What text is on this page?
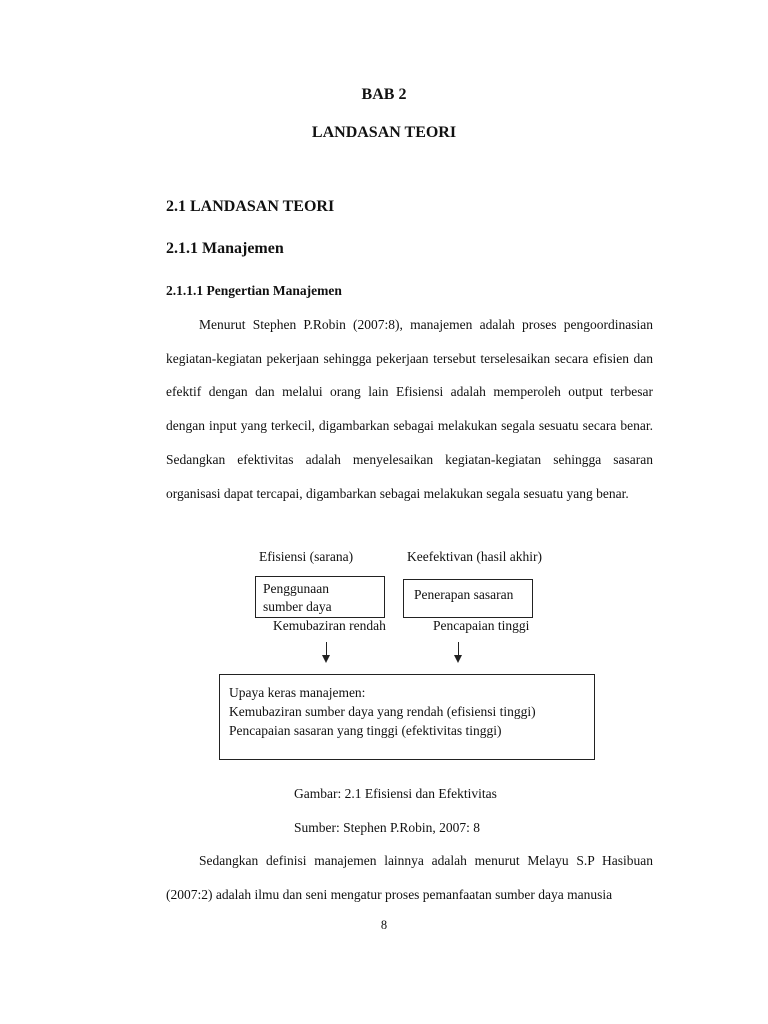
BAB 2
LANDASAN TEORI
2.1 LANDASAN TEORI
2.1.1 Manajemen
2.1.1.1 Pengertian Manajemen

Menurut Stephen P.Robin (2007:8), manajemen adalah proses pengoordinasian kegiatan-kegiatan pekerjaan sehingga pekerjaan tersebut terselesaikan secara efisien dan efektif dengan dan melalui orang lain Efisiensi adalah memperoleh output terbesar dengan input yang terkecil, digambarkan sebagai melakukan segala sesuatu secara benar. Sedangkan efektivitas adalah menyelesaikan kegiatan-kegiatan sehingga sasaran organisasi dapat tercapai, digambarkan sebagai melakukan segala sesuatu yang benar.

Efisiensi (sarana)	Keefektivan (hasil akhir)
Penggunaan
sumber daya
Penerapan sasaran
Kemubaziran rendah	Pencapaian tinggi
Upaya keras manajemen:
Kemubaziran sumber daya yang rendah (efisiensi tinggi)
Pencapaian sasaran yang tinggi (efektivitas tinggi)
Gambar: 2.1 Efisiensi dan Efektivitas
Sumber: Stephen P.Robin, 2007: 8

Sedangkan definisi manajemen lainnya adalah menurut Melayu S.P Hasibuan (2007:2) adalah ilmu dan seni mengatur proses pemanfaatan sumber daya manusia

8
